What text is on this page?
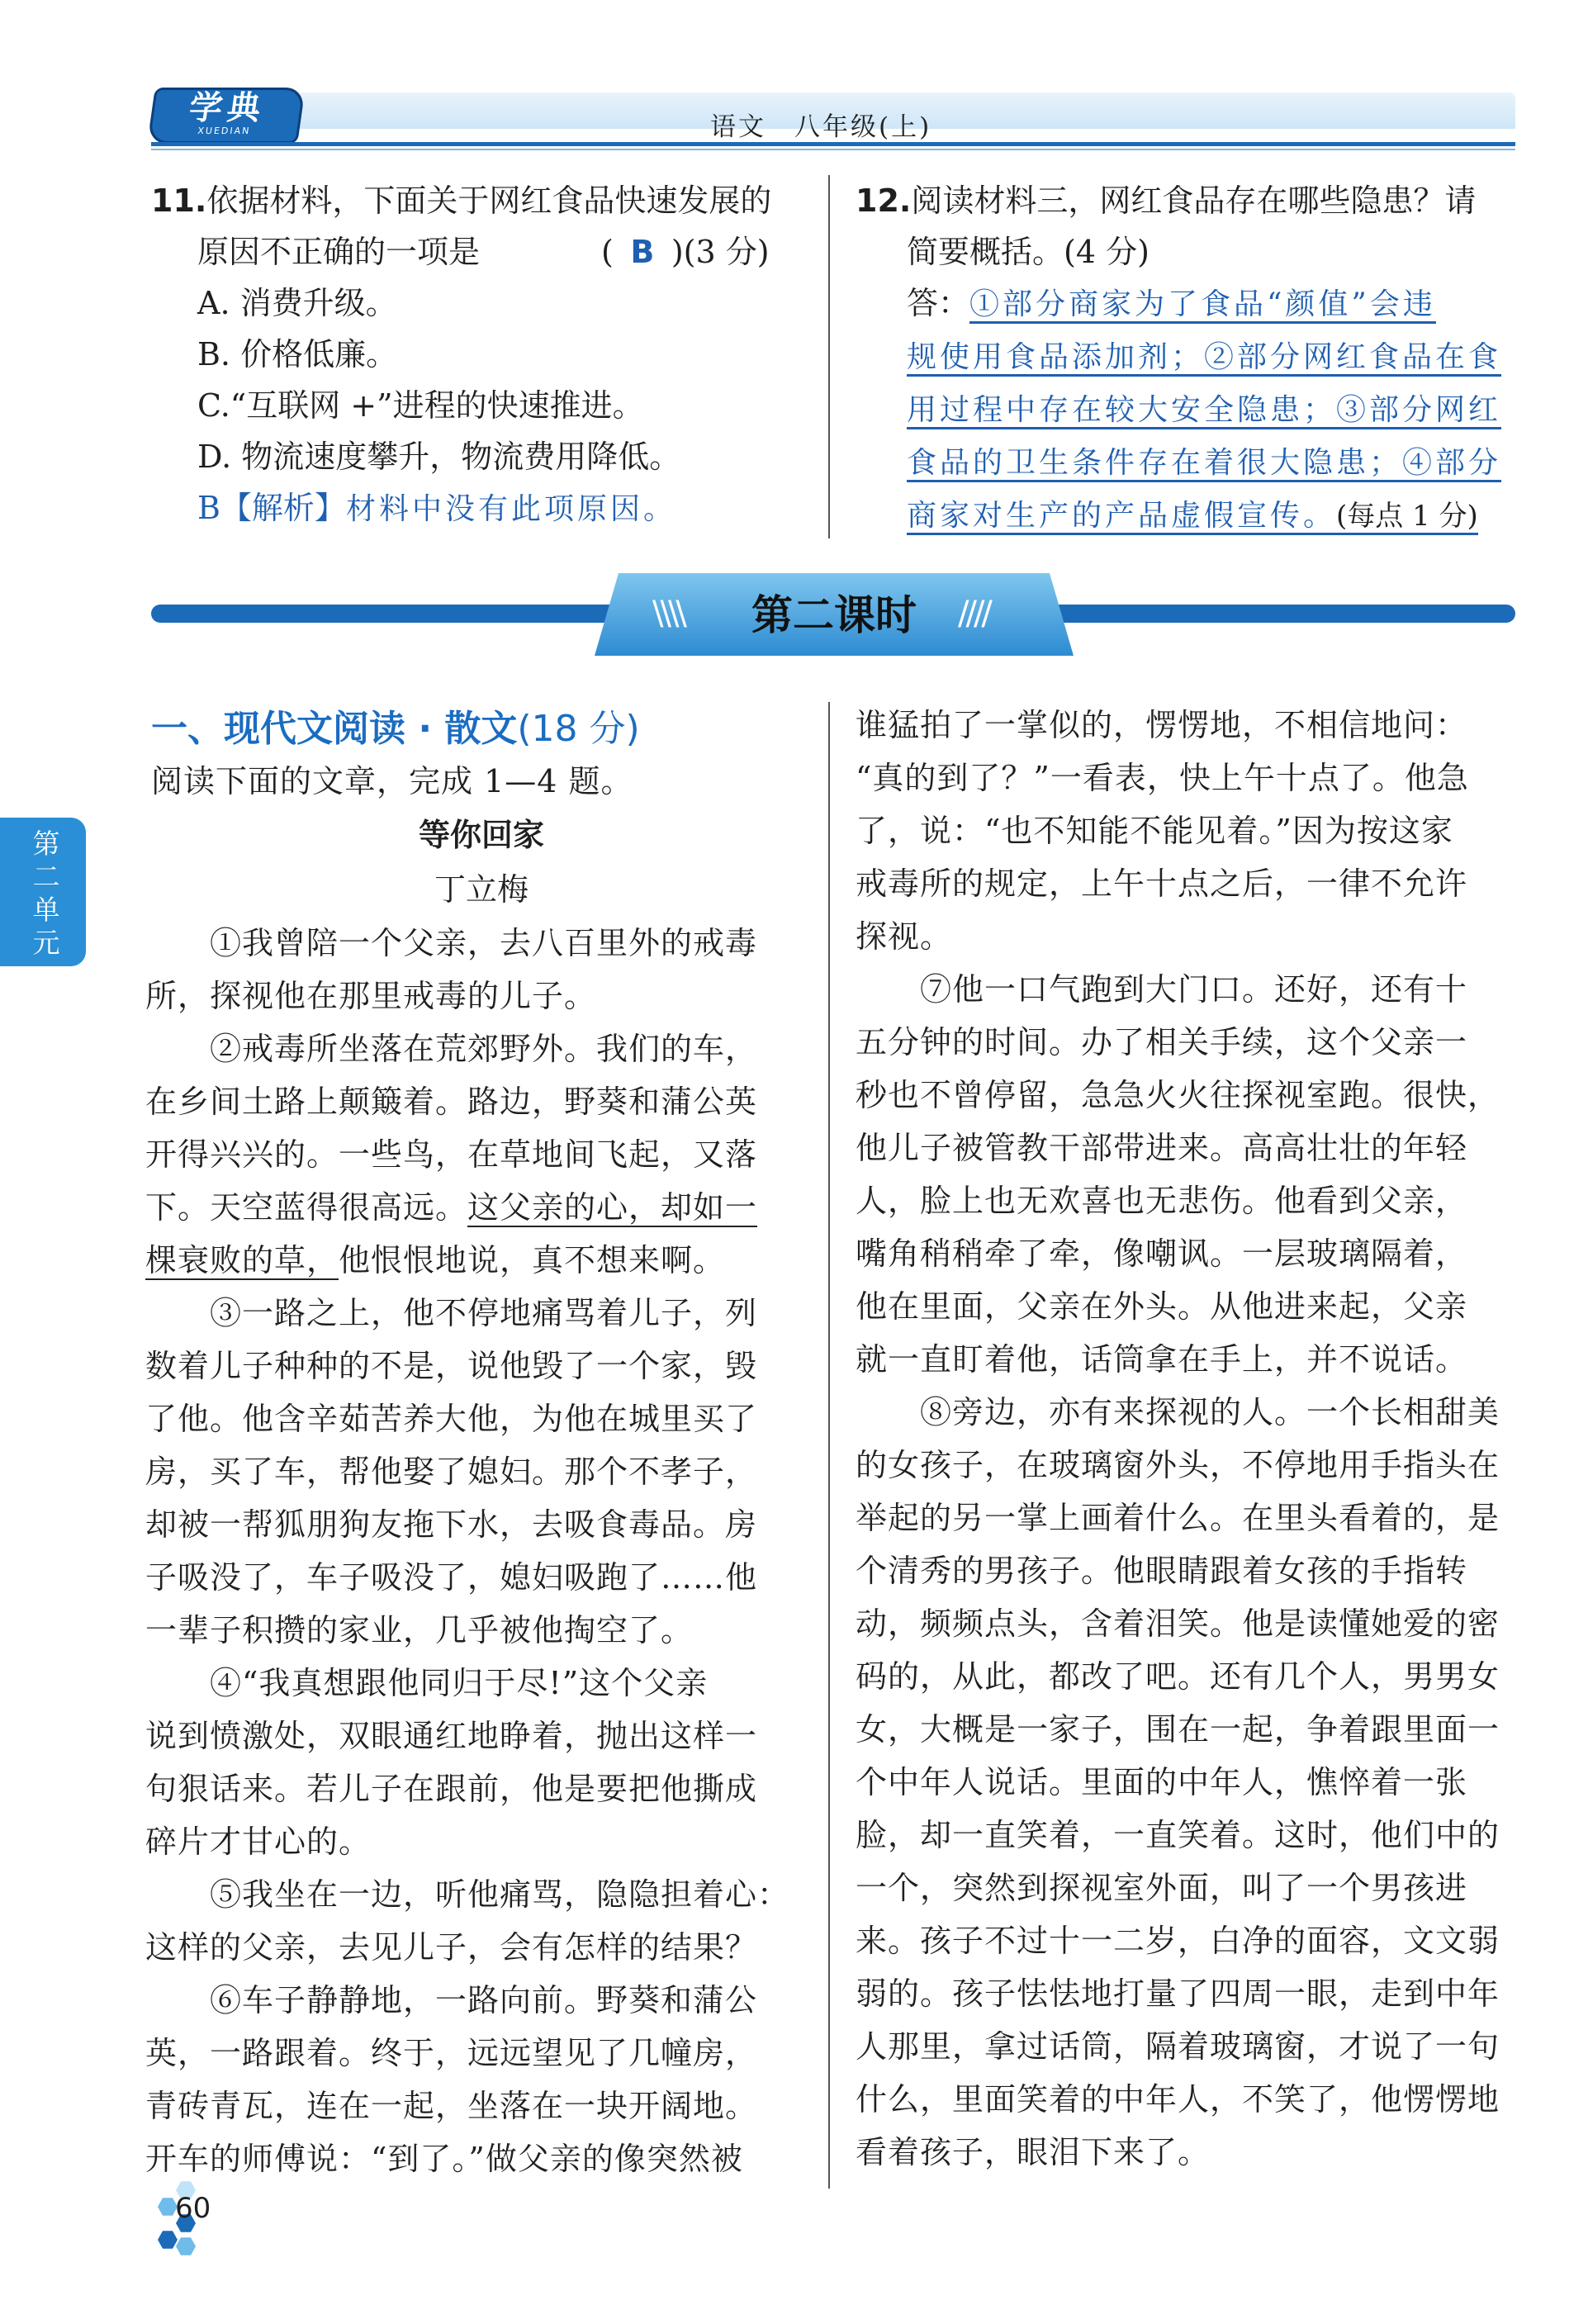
学典
XUEDIAN	语文　八年级(上)
11.依据材料，下面关于网红食品快速发展的
原因不正确的一项是	( B )(3 分)
A. 消费升级。
B. 价格低廉。
C.“互联网 +”进程的快速推进。
D. 物流速度攀升，物流费用降低。
B【解析】材料中没有此项原因。
12.阅读材料三，网红食品存在哪些隐患？请
简要概括。(4 分)
答：①部分商家为了食品“颜值”会违
规使用食品添加剂；②部分网红食品在食
用过程中存在较大安全隐患；③部分网红
食品的卫生条件存在着很大隐患；④部分
商家对生产的产品虚假宣传。(每点 1 分)
\\\\	第二课时	////
第二单元
一、现代文阅读 · 散文(18 分)
阅读下面的文章，完成 1—4 题。
等你回家
丁立梅
　　①我曾陪一个父亲，去八百里外的戒毒
所，探视他在那里戒毒的儿子。
　　②戒毒所坐落在荒郊野外。我们的车，
在乡间土路上颠簸着。路边，野葵和蒲公英
开得兴兴的。一些鸟，在草地间飞起，又落
下。天空蓝得很高远。这父亲的心，却如一
棵衰败的草，他恨恨地说，真不想来啊。
　　③一路之上，他不停地痛骂着儿子，列
数着儿子种种的不是，说他毁了一个家，毁
了他。他含辛茹苦养大他，为他在城里买了
房，买了车，帮他娶了媳妇。那个不孝子，
却被一帮狐朋狗友拖下水，去吸食毒品。房
子吸没了，车子吸没了，媳妇吸跑了……他
一辈子积攒的家业，几乎被他掏空了。
　　④“我真想跟他同归于尽!”这个父亲
说到愤激处，双眼通红地睁着，抛出这样一
句狠话来。若儿子在跟前，他是要把他撕成
碎片才甘心的。
　　⑤我坐在一边，听他痛骂，隐隐担着心：
这样的父亲，去见儿子，会有怎样的结果？
　　⑥车子静静地，一路向前。野葵和蒲公
英，一路跟着。终于，远远望见了几幢房，
青砖青瓦，连在一起，坐落在一块开阔地。
开车的师傅说：“到了。”做父亲的像突然被
谁猛拍了一掌似的，愣愣地，不相信地问：
“真的到了？”一看表，快上午十点了。他急
了，说：“也不知能不能见着。”因为按这家
戒毒所的规定，上午十点之后，一律不允许
探视。
　　⑦他一口气跑到大门口。还好，还有十
五分钟的时间。办了相关手续，这个父亲一
秒也不曾停留，急急火火往探视室跑。很快，
他儿子被管教干部带进来。高高壮壮的年轻
人，脸上也无欢喜也无悲伤。他看到父亲，
嘴角稍稍牵了牵，像嘲讽。一层玻璃隔着，
他在里面，父亲在外头。从他进来起，父亲
就一直盯着他，话筒拿在手上，并不说话。
　　⑧旁边，亦有来探视的人。一个长相甜美
的女孩子，在玻璃窗外头，不停地用手指头在
举起的另一掌上画着什么。在里头看着的，是
个清秀的男孩子。他眼睛跟着女孩的手指转
动，频频点头，含着泪笑。他是读懂她爱的密
码的，从此，都改了吧。还有几个人，男男女
女，大概是一家子，围在一起，争着跟里面一
个中年人说话。里面的中年人，憔悴着一张
脸，却一直笑着，一直笑着。这时，他们中的
一个，突然到探视室外面，叫了一个男孩进
来。孩子不过十一二岁，白净的面容，文文弱
弱的。孩子怯怯地打量了四周一眼，走到中年
人那里，拿过话筒，隔着玻璃窗，才说了一句
什么，里面笑着的中年人，不笑了，他愣愣地
看着孩子，眼泪下来了。
60
